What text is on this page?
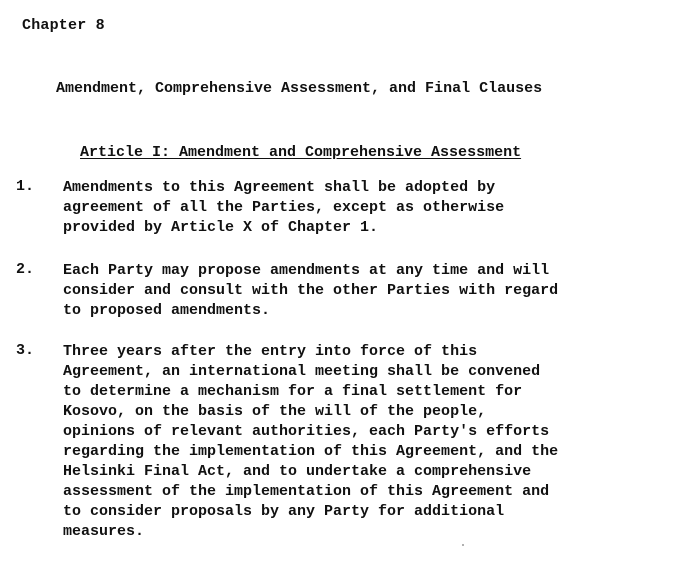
Chapter 8
Amendment, Comprehensive Assessment, and Final Clauses
Article I: Amendment and Comprehensive Assessment
1. Amendments to this Agreement shall be adopted by
agreement of all the Parties, except as otherwise
provided by Article X of Chapter 1.
2. Each Party may propose amendments at any time and will
consider and consult with the other Parties with regard
to proposed amendments.
3. Three years after the entry into force of this
Agreement, an international meeting shall be convened
to determine a mechanism for a final settlement for
Kosovo, on the basis of the will of the people,
opinions of relevant authorities, each Party's efforts
regarding the implementation of this Agreement, and the
Helsinki Final Act, and to undertake a comprehensive
assessment of the implementation of this Agreement and
to consider proposals by any Party for additional
measures.
